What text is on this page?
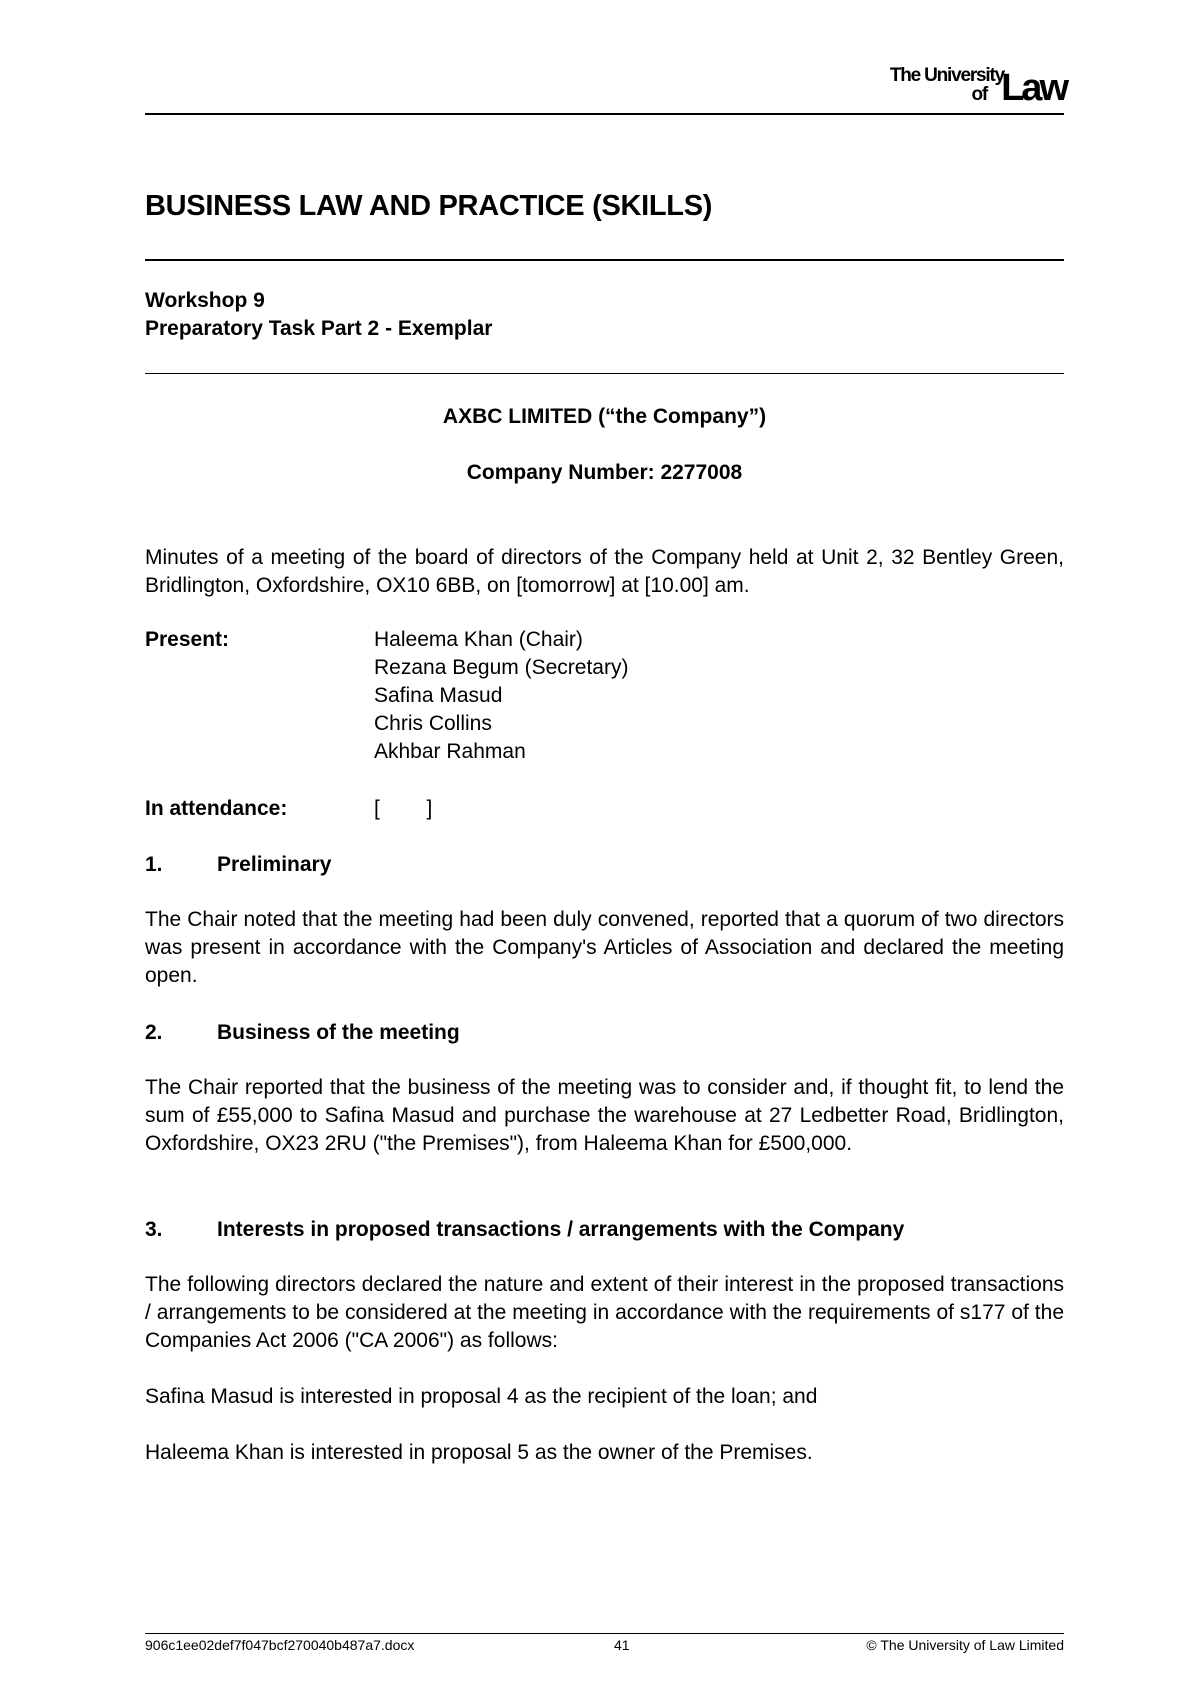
The University
of Law
BUSINESS LAW AND PRACTICE (SKILLS)
Workshop 9
Preparatory Task Part 2 - Exemplar
AXBC LIMITED (“the Company”)
Company Number: 2277008
Minutes of a meeting of the board of directors of the Company held at Unit 2, 32 Bentley Green, Bridlington, Oxfordshire, OX10 6BB, on [tomorrow] at [10.00] am.
Present:	Haleema Khan (Chair)
Rezana Begum (Secretary)
Safina Masud
Chris Collins
Akhbar Rahman
In attendance:	[        ]
1.	Preliminary
The Chair noted that the meeting had been duly convened, reported that a quorum of two directors was present in accordance with the Company's Articles of Association and declared the meeting open.
2.	Business of the meeting
The Chair reported that the business of the meeting was to consider and, if thought fit, to lend the sum of £55,000 to Safina Masud and purchase the warehouse at 27 Ledbetter Road, Bridlington, Oxfordshire, OX23 2RU ("the Premises"), from Haleema Khan for £500,000.
3.	Interests in proposed transactions / arrangements with the Company
The following directors declared the nature and extent of their interest in the proposed transactions / arrangements to be considered at the meeting in accordance with the requirements of s177 of the Companies Act 2006 ("CA 2006") as follows:
Safina Masud is interested in proposal 4 as the recipient of the loan; and
Haleema Khan is interested in proposal 5 as the owner of the Premises.
906c1ee02def7f047bcf270040b487a7.docx	41	© The University of Law Limited
